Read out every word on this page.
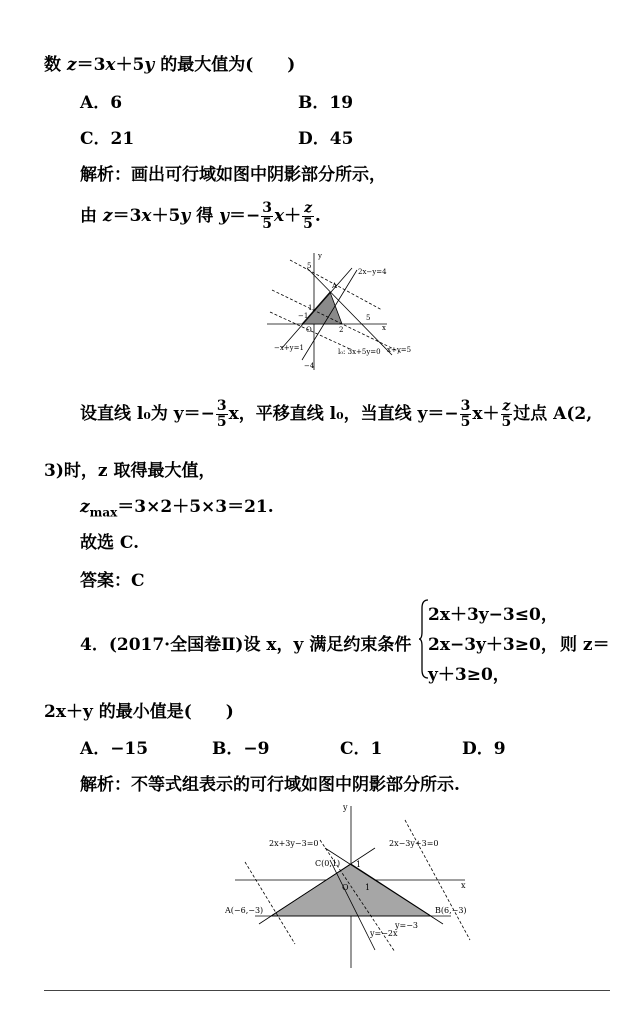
数 z＝3x＋5y 的最大值为(　　)
A．6	B．19
C．21	D．45
解析：画出可行域如图中阴影部分所示，
由 z＝3x＋5y 得 $y=- \frac{3}{5} x+ \frac{z}{5}$ .
y
5
A
2x−y=4
1
O	2
5
x
−1
−4
−x+y=1	l₀: 3x+5y=0 x+y=5
设直线 l₀为 $y=- \frac{3}{5}$ x，平移直线 l₀，当直线 $y=- \frac{3}{5} x+ \frac{z}{5}$ 过点 A(2,
3)时，z 取得最大值，
$z_{max}=3\times 2+5\times 3=21$.
故选 C.
答案：C
4．(2017·全国卷Ⅱ)设 x，y 满足约束条件
2x＋3y−3≤0，
2x−3y＋3≥0，
y＋3≥0，
则 z＝
2x＋y 的最小值是(　　)
A．−15	B．−9	C．1	D．9
解析：不等式组表示的可行域如图中阴影部分所示.
y
2x+3y−3=0	2x−3y+3=0
C(0,1) 1
O 1	x
A(−6,−3)	B(6,−3)
y=−3
y=−2x
